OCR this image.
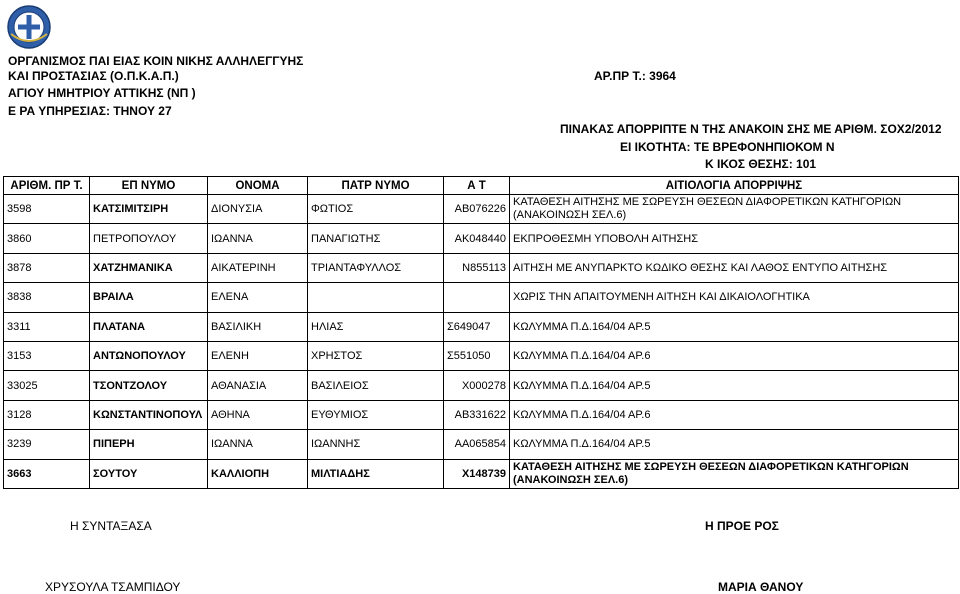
ΟΡΓΑΝΙΣΜΟΣ ΠΑΙ ΕΙΑΣ ΚΟΙΝ ΝΙΚΗΣ ΑΛΛΗΛΕΓΓΥΗΣ
ΚΑΙ ΠΡΟΣΤΑΣΙΑΣ (Ο.Π.Κ.Α.Π.)
ΑΓΙΟΥ ΗΜΗΤΡΙΟΥ ΑΤΤΙΚΗΣ (ΝΠ )
Ε ΡΑ ΥΠΗΡΕΣΙΑΣ: ΤΗΝΟΥ 27
ΑΡ.ΠΡ Τ.: 3964
ΠΙΝΑΚΑΣ ΑΠΟΡΡΙΠΤΕ Ν ΤΗΣ ΑΝΑΚΟΙΝ ΣΗΣ ΜΕ ΑΡΙΘΜ. ΣΟΧ2/2012
ΕΙ ΙΚΟΤΗΤΑ: ΤΕ ΒΡΕΦΟΝΗΠΙΟΚΟΜ Ν
Κ ΙΚΟΣ ΘΕΣΗΣ: 101
ΑΡΙΘΜ. ΠΡ Τ.	ΕΠ ΝΥΜΟ	ΟΝΟΜΑ	ΠΑΤΡ ΝΥΜΟ	Α Τ	ΑΙΤΙΟΛΟΓΙΑ ΑΠΟΡΡΙΨΗΣ
3598	ΚΑΤΣΙΜΙΤΣΙΡΗ	ΔΙΟΝΥΣΙΑ	ΦΩΤΙΟΣ	ΑΒ076226	ΚΑΤΑΘΕΣΗ ΑΙΤΗΣΗΣ ΜΕ ΣΩΡΕΥΣΗ ΘΕΣΕΩΝ ΔΙΑΦΟΡΕΤΙΚΩΝ ΚΑΤΗΓΟΡΙΩΝ (ΑΝΑΚΟΙΝΩΣΗ ΣΕΛ.6)
3860	ΠΕΤΡΟΠΟΥΛΟΥ	ΙΩΑΝΝΑ	ΠΑΝΑΓΙΩΤΗΣ	ΑΚ048440	ΕΚΠΡΟΘΕΣΜΗ ΥΠΟΒΟΛΗ ΑΙΤΗΣΗΣ
3878	ΧΑΤΖΗΜΑΝΙΚΑ	ΑΙΚΑΤΕΡΙΝΗ	ΤΡΙΑΝΤΑΦΥΛΛΟΣ	Ν855113	ΑΙΤΗΣΗ ΜΕ ΑΝΥΠΑΡΚΤΟ ΚΩΔΙΚΟ ΘΕΣΗΣ ΚΑΙ ΛΑΘΟΣ ΕΝΤΥΠΟ ΑΙΤΗΣΗΣ
3838	ΒΡΑΙΛΑ	ΕΛΕΝΑ			ΧΩΡΙΣ ΤΗΝ ΑΠΑΙΤΟΥΜΕΝΗ ΑΙΤΗΣΗ ΚΑΙ ΔΙΚΑΙΟΛΟΓΗΤΙΚΑ
3311	ΠΛΑΤΑΝΑ	ΒΑΣΙΛΙΚΗ	ΗΛΙΑΣ	Σ649047	ΚΩΛΥΜΜΑ Π.Δ.164/04 ΑΡ.5
3153	ΑΝΤΩΝΟΠΟΥΛΟΥ	ΕΛΕΝΗ	ΧΡΗΣΤΟΣ	Σ551050	ΚΩΛΥΜΜΑ Π.Δ.164/04 ΑΡ.6
33025	ΤΣΟΝΤΖΟΛΟΥ	ΑΘΑΝΑΣΙΑ	ΒΑΣΙΛΕΙΟΣ	Χ000278	ΚΩΛΥΜΜΑ Π.Δ.164/04 ΑΡ.5
3128	ΚΩΝΣΤΑΝΤΙΝΟΠΟΥΛ	ΑΘΗΝΑ	ΕΥΘΥΜΙΟΣ	ΑΒ331622	ΚΩΛΥΜΜΑ Π.Δ.164/04 ΑΡ.6
3239	ΠΙΠΕΡΗ	ΙΩΑΝΝΑ	ΙΩΑΝΝΗΣ	ΑΑ065854	ΚΩΛΥΜΜΑ Π.Δ.164/04 ΑΡ.5
3663	ΣΟΥΤΟΥ	ΚΑΛΛΙΟΠΗ	ΜΙΛΤΙΑΔΗΣ	Χ148739	ΚΑΤΑΘΕΣΗ ΑΙΤΗΣΗΣ ΜΕ ΣΩΡΕΥΣΗ ΘΕΣΕΩΝ ΔΙΑΦΟΡΕΤΙΚΩΝ ΚΑΤΗΓΟΡΙΩΝ (ΑΝΑΚΟΙΝΩΣΗ ΣΕΛ.6)
Η ΣΥΝΤΑΞΑΣΑ	Η ΠΡΟΕ ΡΟΣ
ΧΡΥΣΟΥΛΑ ΤΣΑΜΠΙΔΟΥ	ΜΑΡΙΑ ΘΑΝΟΥ
